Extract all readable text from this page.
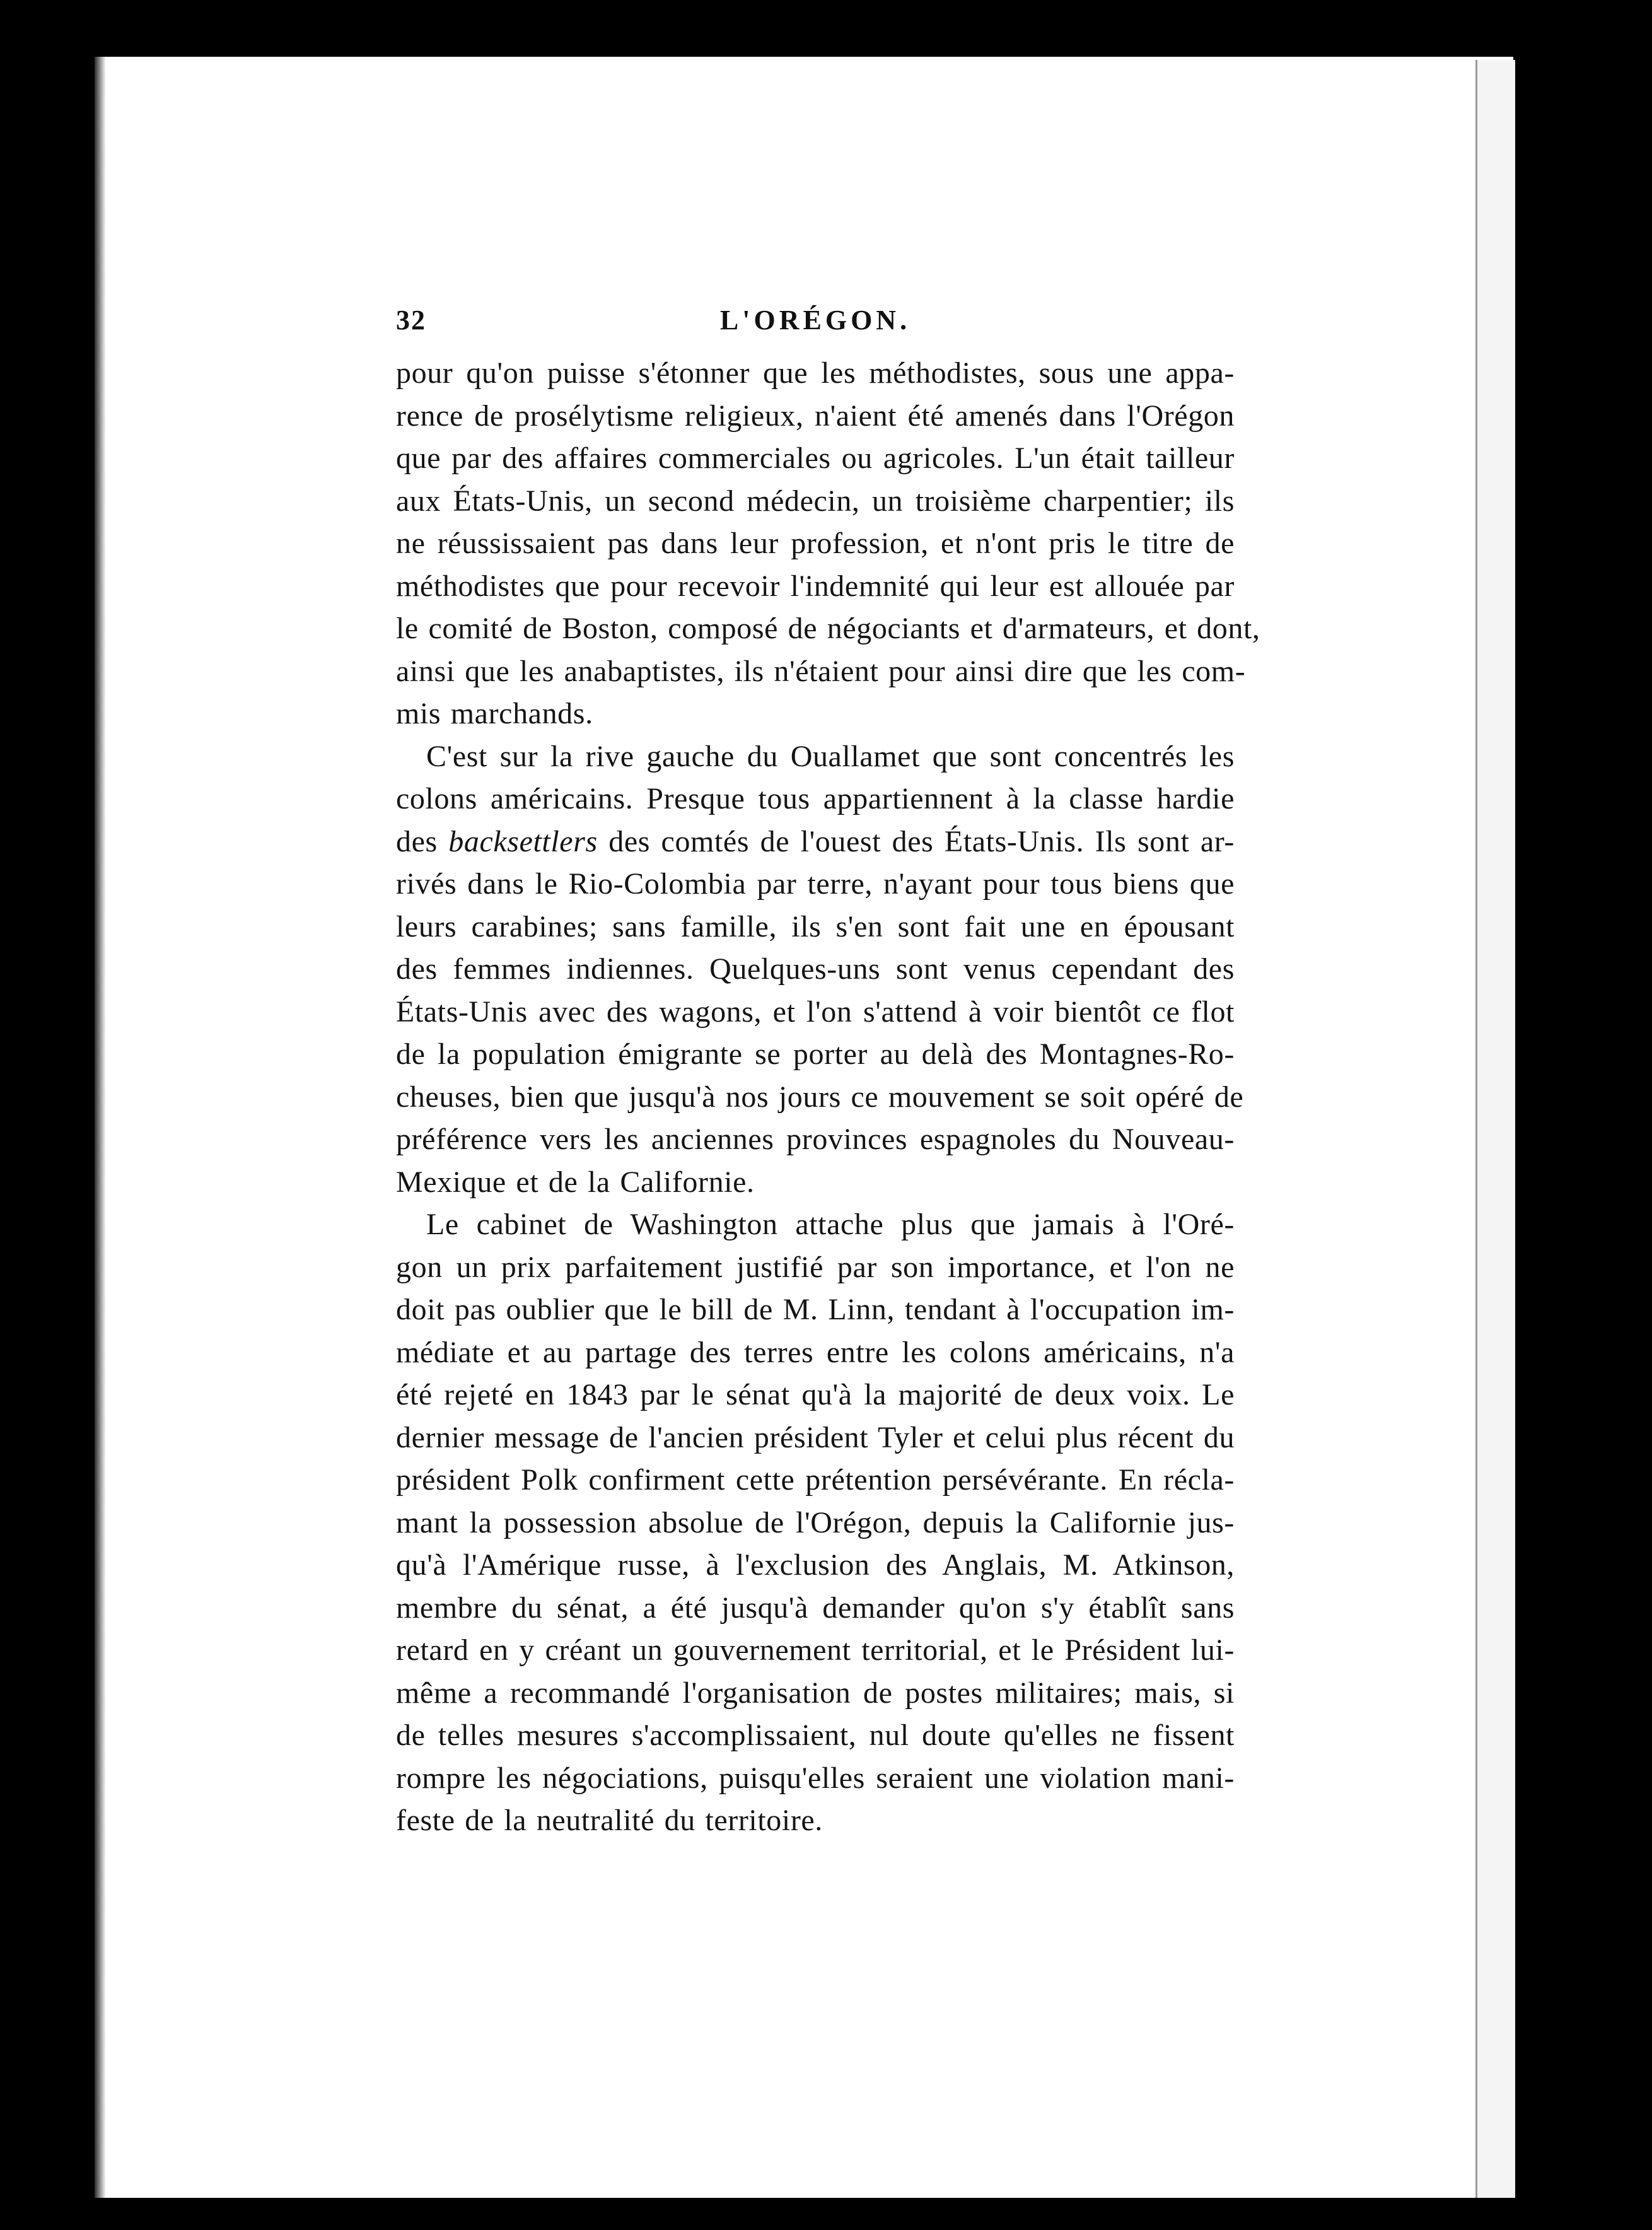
32	L'ORÉGON.
pour qu'on puisse s'étonner que les méthodistes, sous une appa-
rence de prosélytisme religieux, n'aient été amenés dans l'Orégon
que par des affaires commerciales ou agricoles. L'un était tailleur
aux États-Unis, un second médecin, un troisième charpentier; ils
ne réussissaient pas dans leur profession, et n'ont pris le titre de
méthodistes que pour recevoir l'indemnité qui leur est allouée par
le comité de Boston, composé de négociants et d'armateurs, et dont,
ainsi que les anabaptistes, ils n'étaient pour ainsi dire que les com-
mis marchands.
C'est sur la rive gauche du Ouallamet que sont concentrés les
colons américains. Presque tous appartiennent à la classe hardie
des backsettlers des comtés de l'ouest des États-Unis. Ils sont ar-
rivés dans le Rio-Colombia par terre, n'ayant pour tous biens que
leurs carabines; sans famille, ils s'en sont fait une en épousant
des femmes indiennes. Quelques-uns sont venus cependant des
États-Unis avec des wagons, et l'on s'attend à voir bientôt ce flot
de la population émigrante se porter au delà des Montagnes-Ro-
cheuses, bien que jusqu'à nos jours ce mouvement se soit opéré de
préférence vers les anciennes provinces espagnoles du Nouveau-
Mexique et de la Californie.
Le cabinet de Washington attache plus que jamais à l'Oré-
gon un prix parfaitement justifié par son importance, et l'on ne
doit pas oublier que le bill de M. Linn, tendant à l'occupation im-
médiate et au partage des terres entre les colons américains, n'a
été rejeté en 1843 par le sénat qu'à la majorité de deux voix. Le
dernier message de l'ancien président Tyler et celui plus récent du
président Polk confirment cette prétention persévérante. En récla-
mant la possession absolue de l'Orégon, depuis la Californie jus-
qu'à l'Amérique russe, à l'exclusion des Anglais, M. Atkinson,
membre du sénat, a été jusqu'à demander qu'on s'y établît sans
retard en y créant un gouvernement territorial, et le Président lui-
même a recommandé l'organisation de postes militaires; mais, si
de telles mesures s'accomplissaient, nul doute qu'elles ne fissent
rompre les négociations, puisqu'elles seraient une violation mani-
feste de la neutralité du territoire.
